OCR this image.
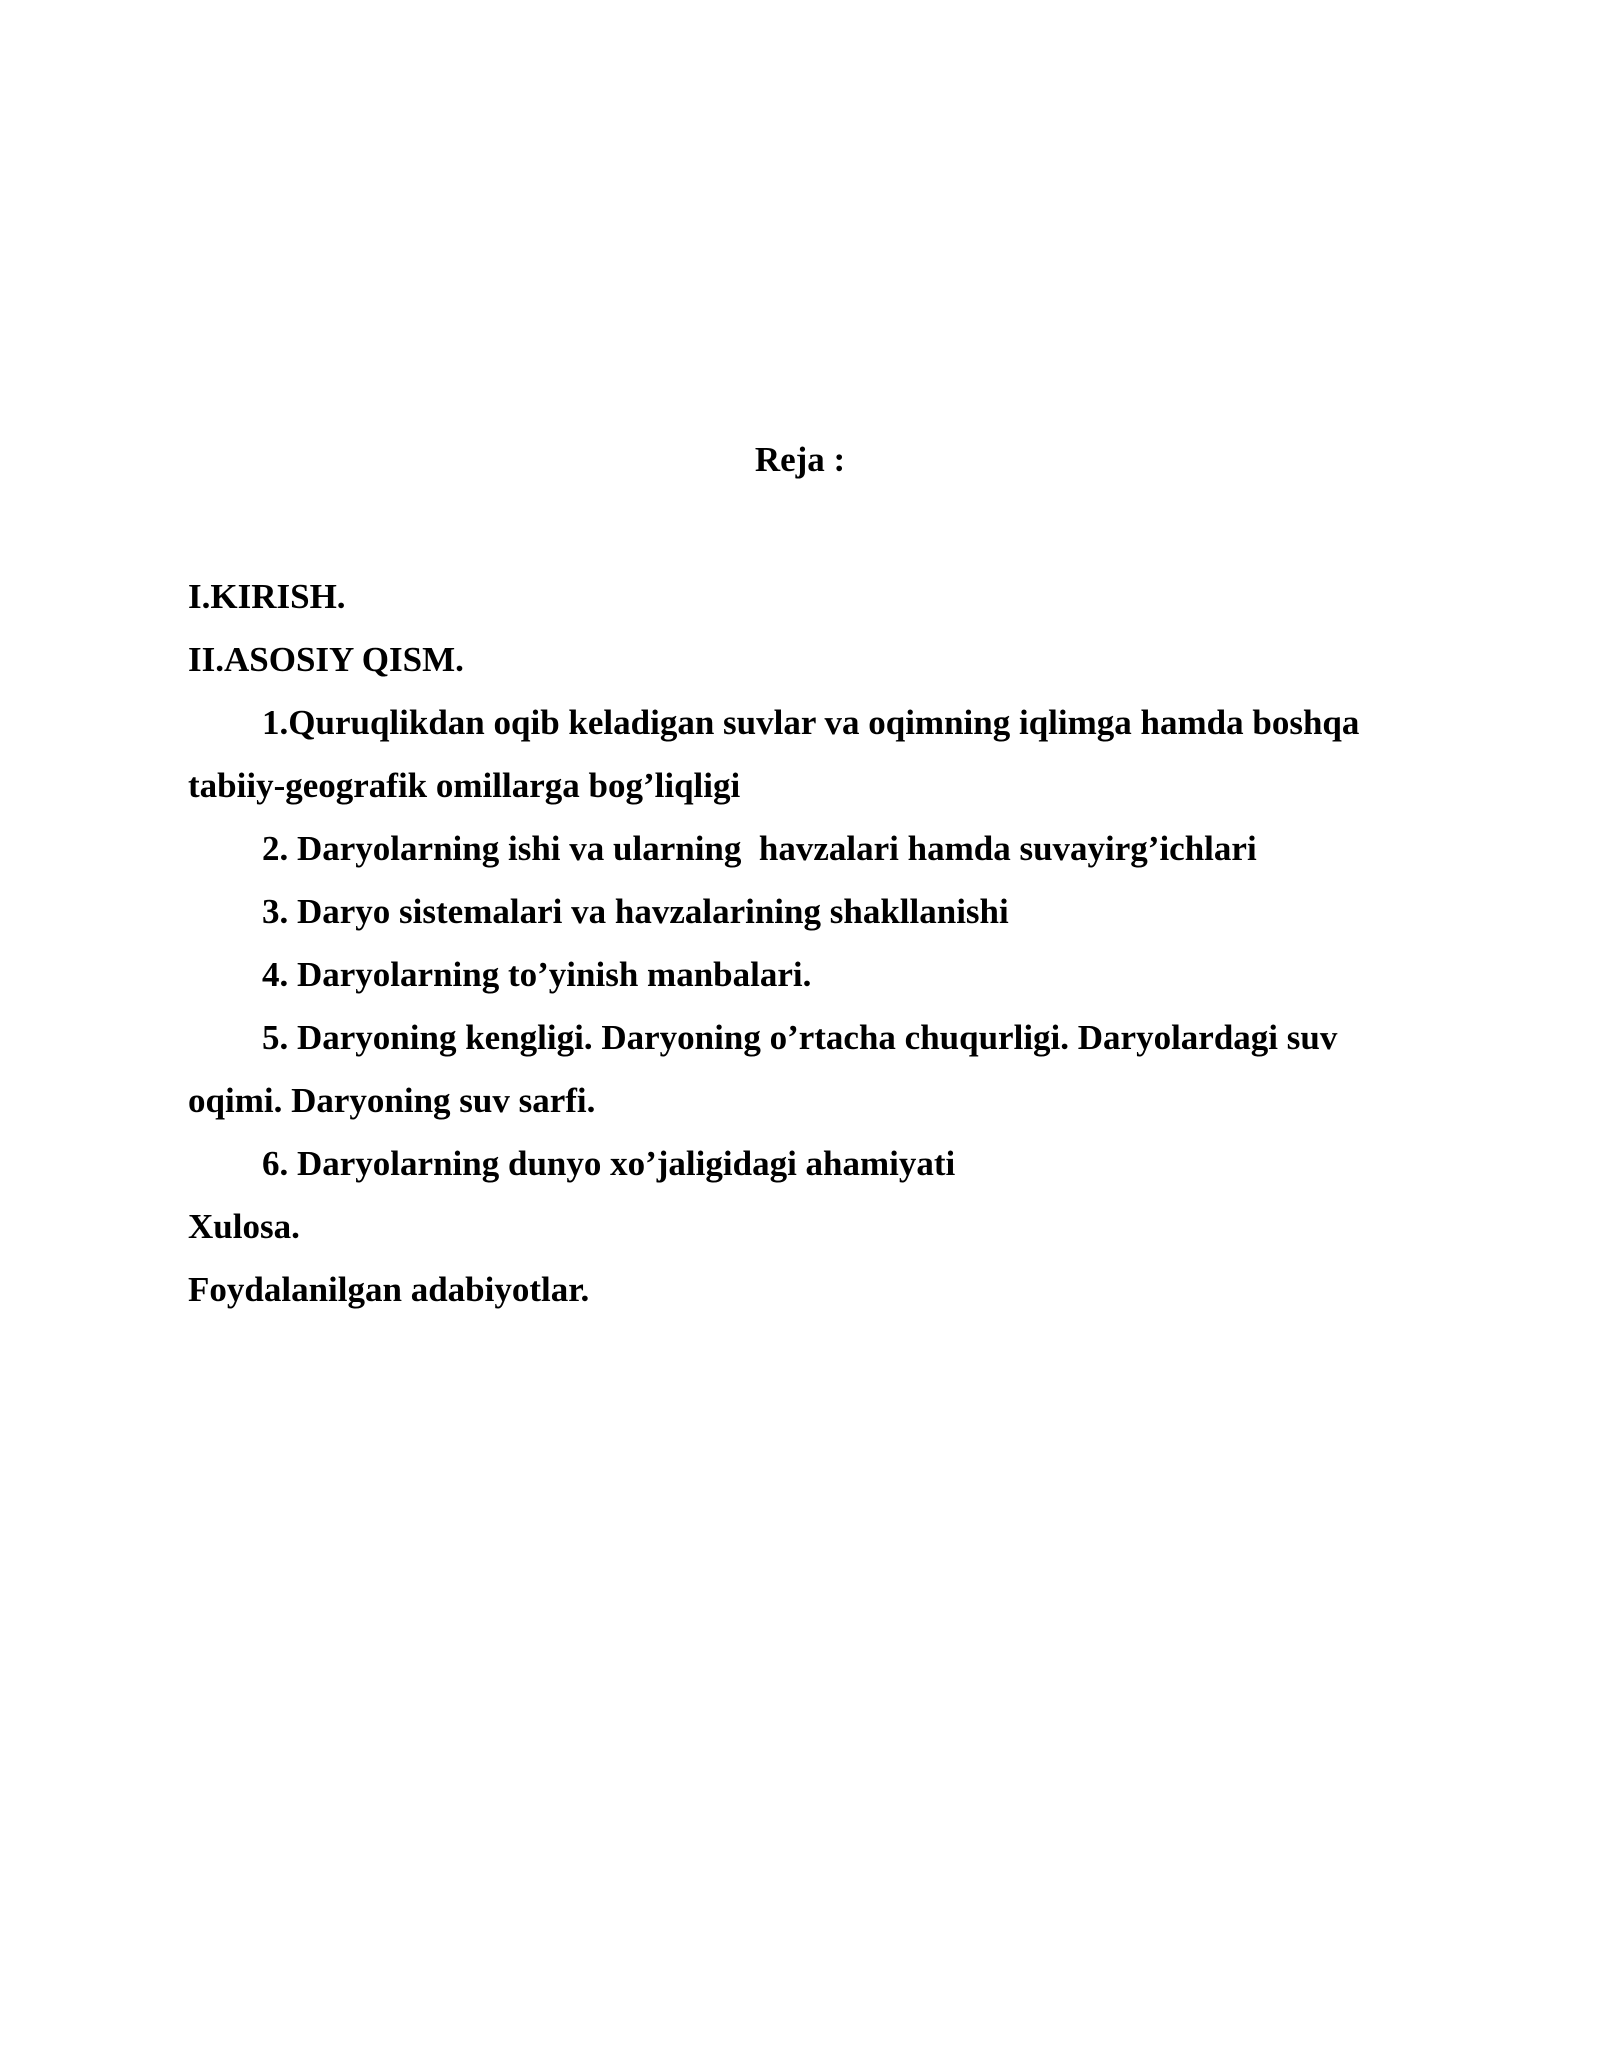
Reja :
I.KIRISH.
II.ASOSIY QISM.
1.Quruqlikdan oqib keladigan suvlar va oqimning iqlimga hamda boshqa tabiiy-geografik omillarga bog’liqligi
2. Daryolarning ishi va ularning  havzalari hamda suvayirg’ichlari
3. Daryo sistemalari va havzalarining shakllanishi
4. Daryolarning to’yinish manbalari.
5. Daryoning kengligi. Daryoning o’rtacha chuqurligi. Daryolardagi suv oqimi. Daryoning suv sarfi.
6. Daryolarning dunyo xo’jaligidagi ahamiyati
Xulosa.
Foydalanilgan adabiyotlar.
